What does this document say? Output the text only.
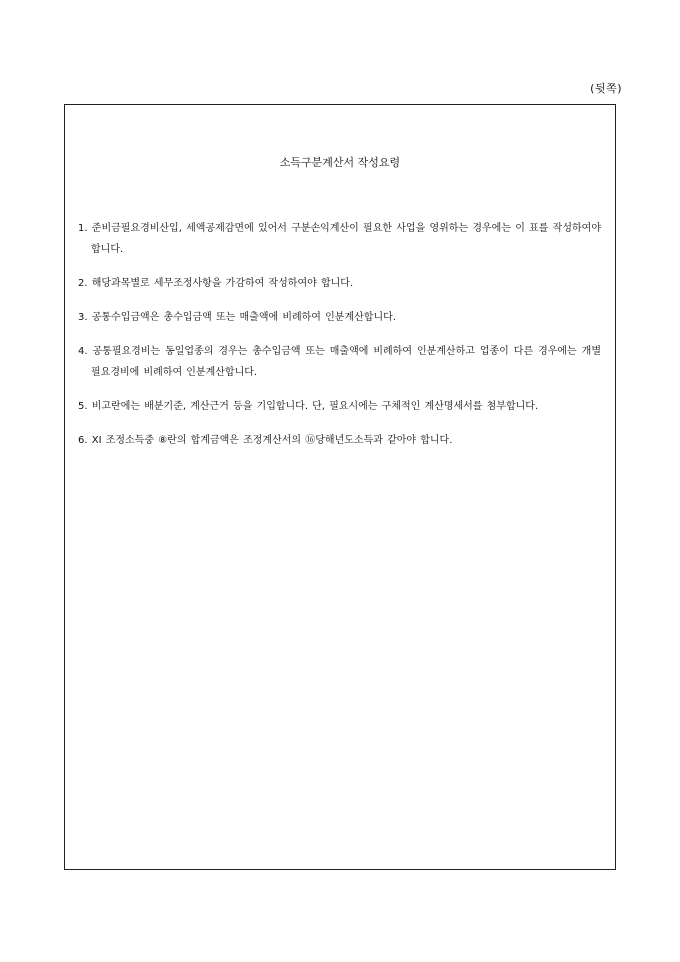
(뒷쪽)
소득구분계산서 작성요령
1. 준비금필요경비산입, 세액공제감면에 있어서 구분손익계산이 필요한 사업을 영위하는 경우에는 이 표를 작성하여야 합니다.
2. 해당과목별로 세무조정사항을 가감하여 작성하여야 합니다.
3. 공통수입금액은 총수입금액 또는 매출액에 비례하여 인분계산합니다.
4. 공통필요경비는 동일업종의 경우는 총수입금액 또는 매출액에 비례하여 인분계산하고 업종이 다른 경우에는 개별 필요경비에 비례하여 인분계산합니다.
5. 비고란에는 배분기준, 계산근거 등을 기입합니다. 단, 필요시에는 구체적인 계산명세서를 첨부합니다.
6. XI 조정소득중 ⑧란의 합계금액은 조정계산서의 ⑯당해년도소득과 같아야 합니다.
